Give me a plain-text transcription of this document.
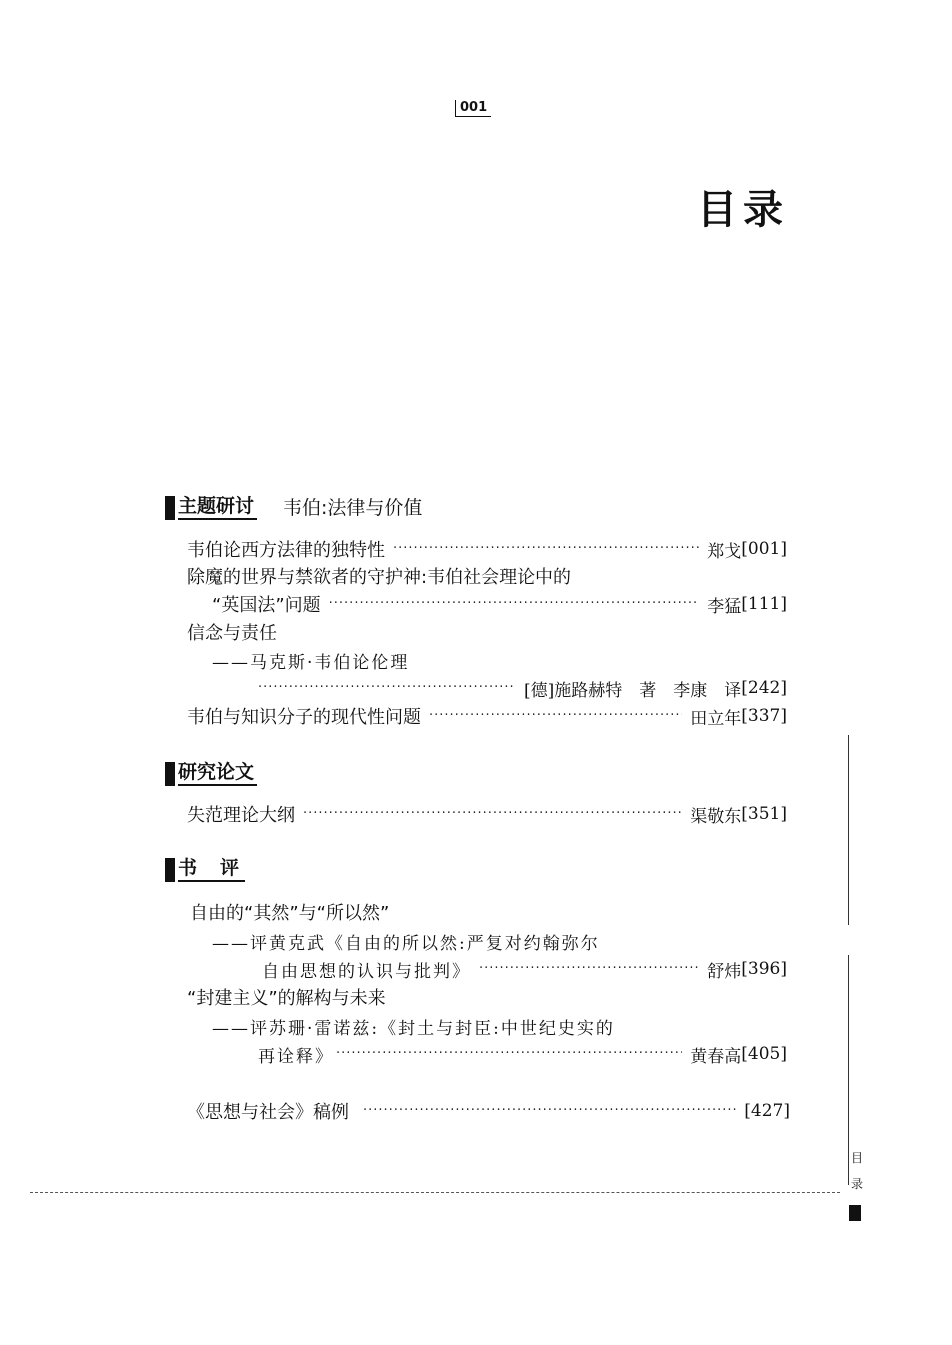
001
目录
主题研讨 韦伯:法律与价值
韦伯论西方法律的独特性 ·····	郑戈 [001]
除魔的世界与禁欲者的守护神:韦伯社会理论中的
“英国法”问题 ·····	李猛 [111]
信念与责任
——马克斯·韦伯论伦理
·····
[德]施路赫特　著　李康　译 [242]
韦伯与知识分子的现代性问题 ·····	田立年 [337]
研究论文
失范理论大纲 ·····	渠敬东 [351]
书　评
自由的“其然”与“所以然”
——评黄克武《自由的所以然:严复对约翰弥尔
自由思想的认识与批判》 ·····	舒炜 [396]
“封建主义”的解构与未来
——评苏珊·雷诺兹:《封土与封臣:中世纪史实的
再诠释》 ·····	黄春高 [405]
《思想与社会》稿例 ·····	[427]
目
录
